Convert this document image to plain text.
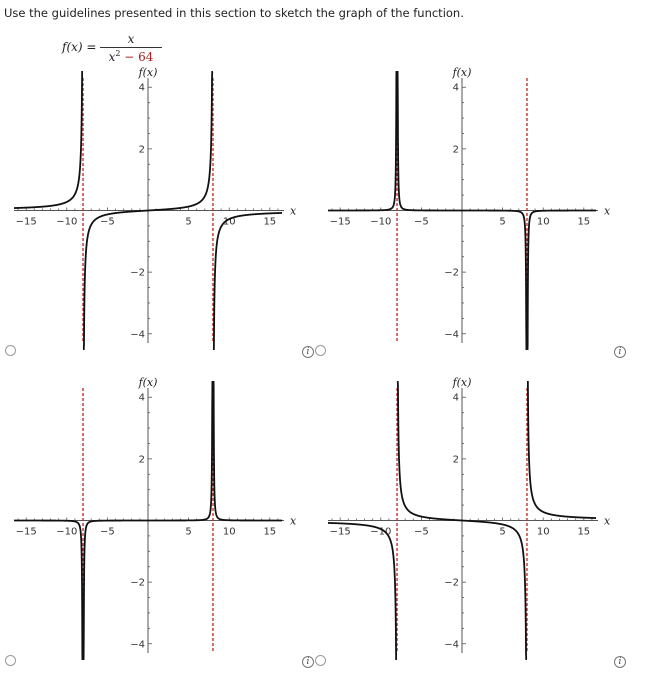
Use the guidelines presented in this section to sketch the graph of the function.
f(x) =
x
$x^2 - 64$
−15 −10 −5	5	10	15
4
2
−2
−4
f(x)
x
i
−15 −10 −5	5	10	15
4
2
−2
−4
f(x)
x
i
−15 −10 −5	5	10	15
4
2
−2
−4
f(x)
x
i
−15 −10 −5	5	10	15
4
2
−2
−4
f(x)
x
i
